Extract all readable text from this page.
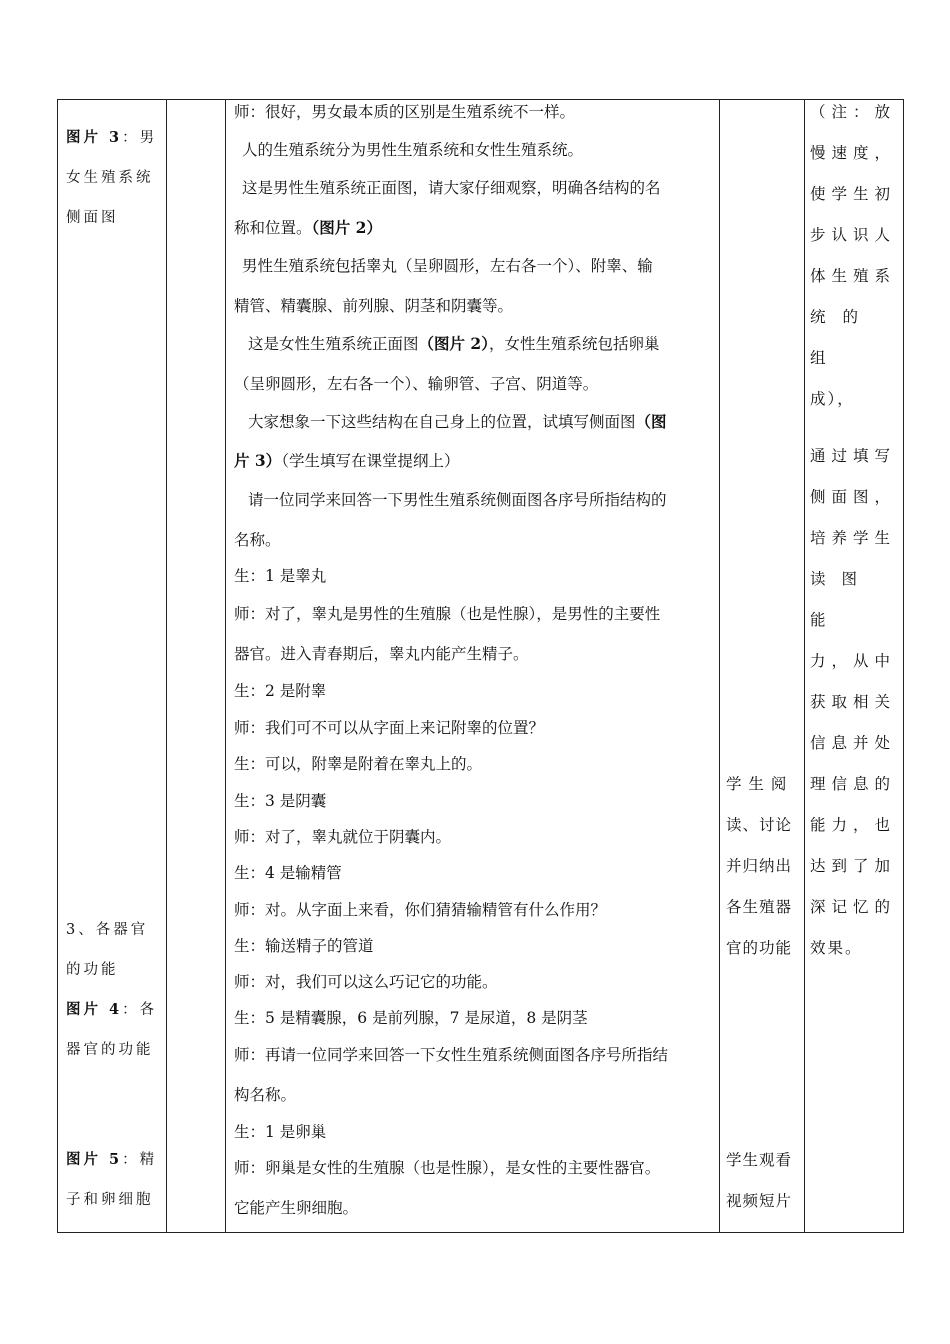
图片 3：男
女生殖系统
侧面图
3、各器官
的功能
图片 4：各
器官的功能
图片 5：精
子和卵细胞
师：很好，男女最本质的区别是生殖系统不一样。
人的生殖系统分为男性生殖系统和女性生殖系统。
这是男性生殖系统正面图，请大家仔细观察，明确各结构的名
称和位置。（图片 2）
男性生殖系统包括睾丸（呈卵圆形，左右各一个）、附睾、输
精管、精囊腺、前列腺、阴茎和阴囊等。
这是女性生殖系统正面图（图片 2），女性生殖系统包括卵巢
（呈卵圆形，左右各一个）、输卵管、子宫、阴道等。
大家想象一下这些结构在自己身上的位置，试填写侧面图（图
片 3）（学生填写在课堂提纲上）
请一位同学来回答一下男性生殖系统侧面图各序号所指结构的
名称。
生：1 是睾丸
师：对了，睾丸是男性的生殖腺（也是性腺），是男性的主要性
器官。进入青春期后，睾丸内能产生精子。
生：2 是附睾
师：我们可不可以从字面上来记附睾的位置？
生：可以，附睾是附着在睾丸上的。
生：3 是阴囊
师：对了，睾丸就位于阴囊内。
生：4 是输精管
师：对。从字面上来看，你们猜猜输精管有什么作用？
生：输送精子的管道
师：对，我们可以这么巧记它的功能。
生：5 是精囊腺，6 是前列腺，7 是尿道，8 是阴茎
师：再请一位同学来回答一下女性生殖系统侧面图各序号所指结
构名称。
生：1 是卵巢
师：卵巢是女性的生殖腺（也是性腺），是女性的主要性器官。
它能产生卵细胞。
学 生 阅
读、讨论
并归纳出
各生殖器
官的功能
学生观看
视频短片
（注：放
慢速度，
使学生初
步认识人
体生殖系
统的组
成），
通过填写
侧面图，
培养学生
读图能
力，从中
获取相关
信息并处
理信息的
能力，也
达到了加
深记忆的
效果。
